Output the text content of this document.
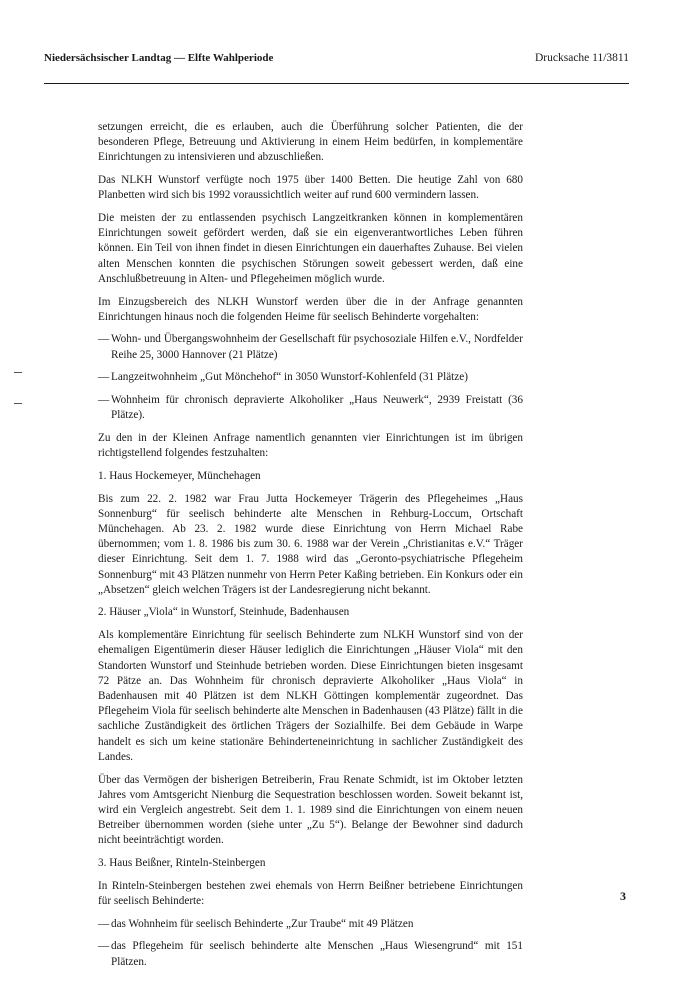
Niedersächsischer Landtag — Elfte Wahlperiode	Drucksache 11/3811

setzungen erreicht, die es erlauben, auch die Überführung solcher Patienten, die der besonderen Pflege, Betreuung und Aktivierung in einem Heim bedürfen, in komplementäre Einrichtungen zu intensivieren und abzuschließen.

Das NLKH Wunstorf verfügte noch 1975 über 1400 Betten. Die heutige Zahl von 680 Planbetten wird sich bis 1992 voraussichtlich weiter auf rund 600 vermindern lassen.

Die meisten der zu entlassenden psychisch Langzeitkranken können in komplementären Einrichtungen soweit gefördert werden, daß sie ein eigenverantwortliches Leben führen können. Ein Teil von ihnen findet in diesen Einrichtungen ein dauerhaftes Zuhause. Bei vielen alten Menschen konnten die psychischen Störungen soweit gebessert werden, daß eine Anschlußbetreuung in Alten- und Pflegeheimen möglich wurde.

Im Einzugsbereich des NLKH Wunstorf werden über die in der Anfrage genannten Einrichtungen hinaus noch die folgenden Heime für seelisch Behinderte vorgehalten:

— Wohn- und Übergangswohnheim der Gesellschaft für psychosoziale Hilfen e.V., Nordfelder Reihe 25, 3000 Hannover (21 Plätze)
— Langzeitwohnheim „Gut Mönchehof“ in 3050 Wunstorf-Kohlenfeld (31 Plätze)
— Wohnheim für chronisch depravierte Alkoholiker „Haus Neuwerk“, 2939 Freistatt (36 Plätze).

Zu den in der Kleinen Anfrage namentlich genannten vier Einrichtungen ist im übrigen richtigstellend folgendes festzuhalten:

1. Haus Hockemeyer, Münchehagen

Bis zum 22. 2. 1982 war Frau Jutta Hockemeyer Trägerin des Pflegeheimes „Haus Sonnenburg“ für seelisch behinderte alte Menschen in Rehburg-Loccum, Ortschaft Münchehagen. Ab 23. 2. 1982 wurde diese Einrichtung von Herrn Michael Rabe übernommen; vom 1. 8. 1986 bis zum 30. 6. 1988 war der Verein „Christianitas e.V.“ Träger dieser Einrichtung. Seit dem 1. 7. 1988 wird das „Geronto-psychiatrische Pflegeheim Sonnenburg“ mit 43 Plätzen nunmehr von Herrn Peter Kaßing betrieben. Ein Konkurs oder ein „Absetzen“ gleich welchen Trägers ist der Landesregierung nicht bekannt.

2. Häuser „Viola“ in Wunstorf, Steinhude, Badenhausen

Als komplementäre Einrichtung für seelisch Behinderte zum NLKH Wunstorf sind von der ehemaligen Eigentümerin dieser Häuser lediglich die Einrichtungen „Häuser Viola“ mit den Standorten Wunstorf und Steinhude betrieben worden. Diese Einrichtungen bieten insgesamt 72 Pätze an. Das Wohnheim für chronisch depravierte Alkoholiker „Haus Viola“ in Badenhausen mit 40 Plätzen ist dem NLKH Göttingen komplementär zugeordnet. Das Pflegeheim Viola für seelisch behinderte alte Menschen in Badenhausen (43 Plätze) fällt in die sachliche Zuständigkeit des örtlichen Trägers der Sozialhilfe. Bei dem Gebäude in Warpe handelt es sich um keine stationäre Behinderteneinrichtung in sachlicher Zuständigkeit des Landes.

Über das Vermögen der bisherigen Betreiberin, Frau Renate Schmidt, ist im Oktober letzten Jahres vom Amtsgericht Nienburg die Sequestration beschlossen worden. Soweit bekannt ist, wird ein Vergleich angestrebt. Seit dem 1. 1. 1989 sind die Einrichtungen von einem neuen Betreiber übernommen worden (siehe unter „Zu 5“). Belange der Bewohner sind dadurch nicht beeinträchtigt worden.

3. Haus Beißner, Rinteln-Steinbergen

In Rinteln-Steinbergen bestehen zwei ehemals von Herrn Beißner betriebene Einrichtungen für seelisch Behinderte:

— das Wohnheim für seelisch Behinderte „Zur Traube“ mit 49 Plätzen
— das Pflegeheim für seelisch behinderte alte Menschen „Haus Wiesengrund“ mit 151 Plätzen.
3
